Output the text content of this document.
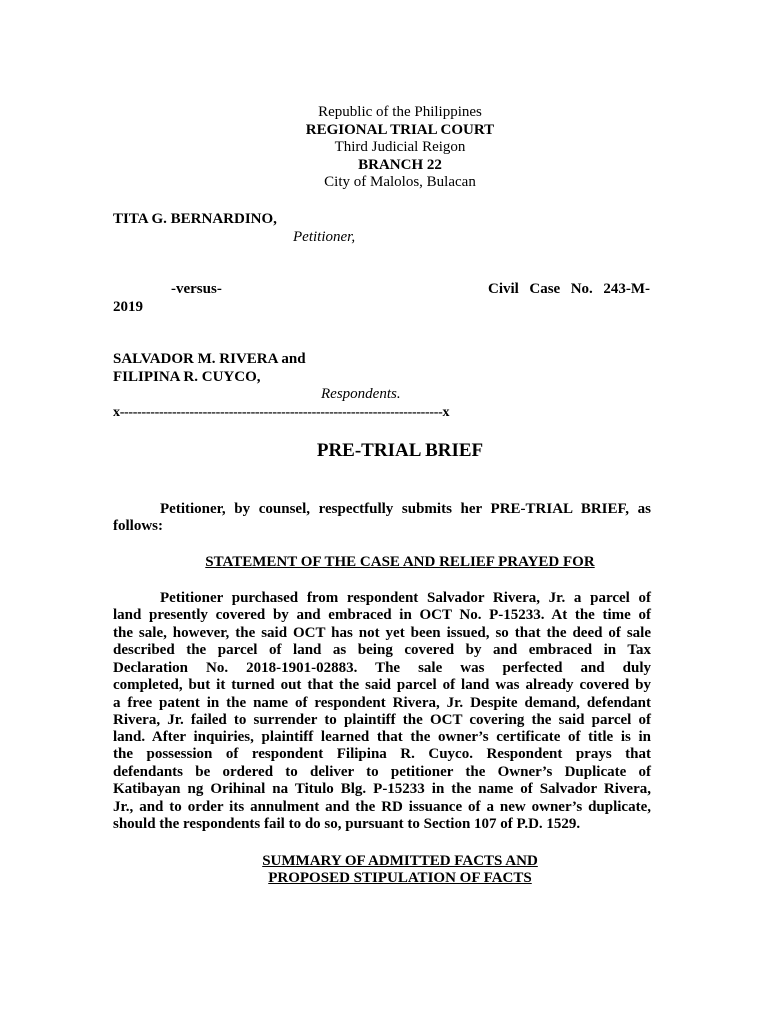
Republic of the Philippines
REGIONAL TRIAL COURT
Third Judicial Reigon
BRANCH 22
City of Malolos, Bulacan
TITA G. BERNARDINO,
Petitioner,
-versus-	Civil Case No. 243-M-
2019
SALVADOR M. RIVERA and
FILIPINA R. CUYCO,
Respondents.
x--------------------------------------------------------------------------x
PRE-TRIAL BRIEF
Petitioner, by counsel, respectfully submits her PRE-TRIAL BRIEF, as
follows:
STATEMENT OF THE CASE AND RELIEF PRAYED FOR
Petitioner purchased from respondent Salvador Rivera, Jr. a parcel of
land presently covered by and embraced in OCT No. P-15233. At the time of
the sale, however, the said OCT has not yet been issued, so that the deed of sale
described the parcel of land as being covered by and embraced in Tax
Declaration No. 2018-1901-02883. The sale was perfected and duly
completed, but it turned out that the said parcel of land was already covered by
a free patent in the name of respondent Rivera, Jr. Despite demand, defendant
Rivera, Jr. failed to surrender to plaintiff the OCT covering the said parcel of
land. After inquiries, plaintiff learned that the owner’s certificate of title is in
the possession of respondent Filipina R. Cuyco. Respondent prays that
defendants be ordered to deliver to petitioner the Owner’s Duplicate of
Katibayan ng Orihinal na Titulo Blg. P-15233 in the name of Salvador Rivera,
Jr., and to order its annulment and the RD issuance of a new owner’s duplicate,
should the respondents fail to do so, pursuant to Section 107 of P.D. 1529.
SUMMARY OF ADMITTED FACTS AND
PROPOSED STIPULATION OF FACTS
